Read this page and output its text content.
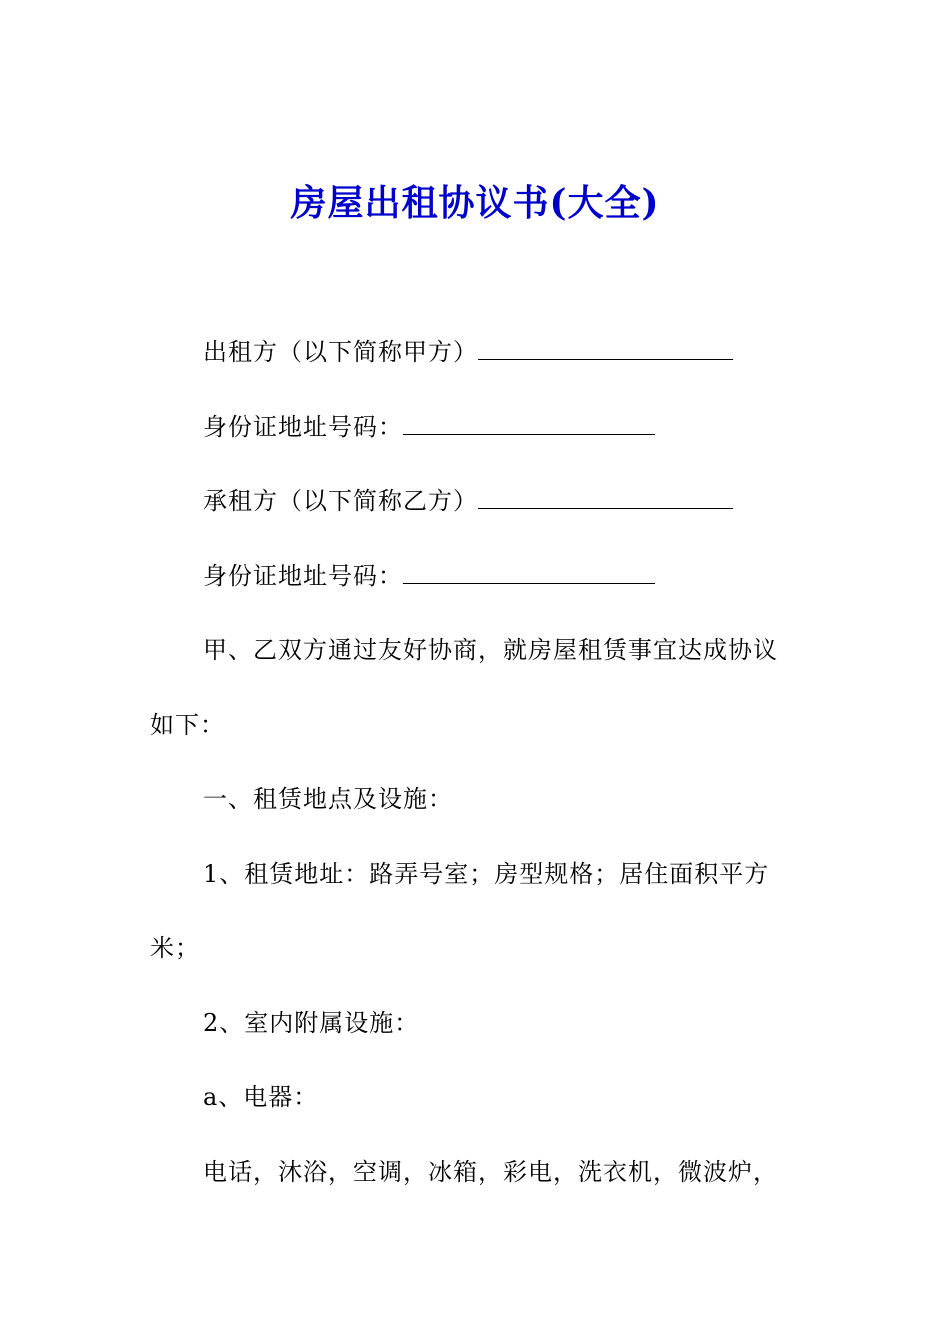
房屋出租协议书(大全)
出租方（以下简称甲方）
身份证地址号码：
承租方（以下简称乙方）
身份证地址号码：
甲、乙双方通过友好协商，就房屋租赁事宜达成协议
如下：
一、租赁地点及设施：
1、租赁地址：路弄号室；房型规格；居住面积平方
米；
2、室内附属设施：
a、电器：
电话，沐浴，空调，冰箱，彩电，洗衣机，微波炉，
